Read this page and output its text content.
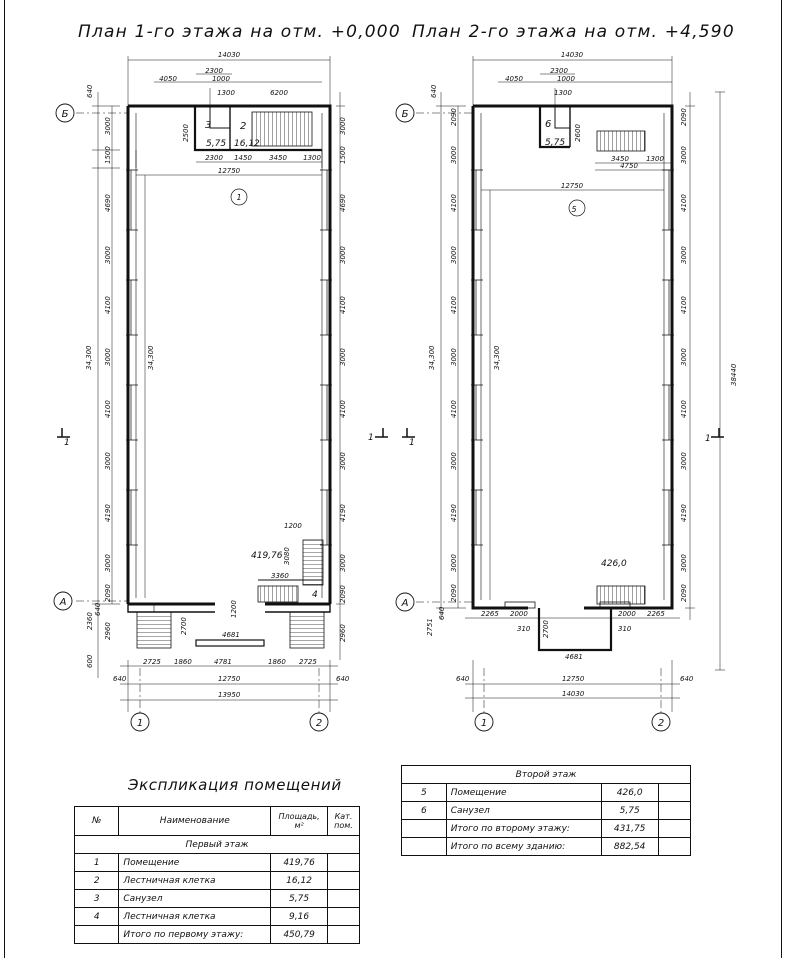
План 1-го этажа на отм. +0,000 План 2-го этажа на отм. +4,590
Б
А
1	2
1	1
14030
2300
1000
4050
1300	6200
2300 1450 3450 1300
12750
2500 3	2
1
4
5,75 16,12
419,76
1200
3080
3360
1200
2700
640
3000
1500
4690
3000
4100
3000
4100
3000
4190
3000
2090
2360
640
2960
600
34,300	34,300
3000
1500
4690
3000
4100
3000
4100
3000
4190
3000
2090
2960
2725 1860	4781	1860 2725
640	12750	640
13950
4681
Б
А
1	2
1	1
14030
2300
1000
4050
1300
3450 1300
4750
12750
2600
6
5
5,75
426,0
640
2090
3000
4100
3000
4100
3000
4100
3000
4190
3000
2090
2751
640
34,300	34,300
2090
3000
4100
3000
4100
3000
4100
3000
4190
3000
2090
38440
2265 2000
310 2700
2000
310
2265
4681
640	12750	640
14030
Экспликация помещений
№	Наименование	Площадь, м²	Кат. пом.
Первый этаж			
1	Помещение	419,76	
2	Лестничная клетка	16,12	
3	Санузел	5,75	
4	Лестничная клетка	9,16	
	Итого по первому этажу:	450,79	
Второй этаж			
5	Помещение	426,0	
6	Санузел	5,75	
	Итого по второму этажу:	431,75	
	Итого по всему зданию:	882,54	
